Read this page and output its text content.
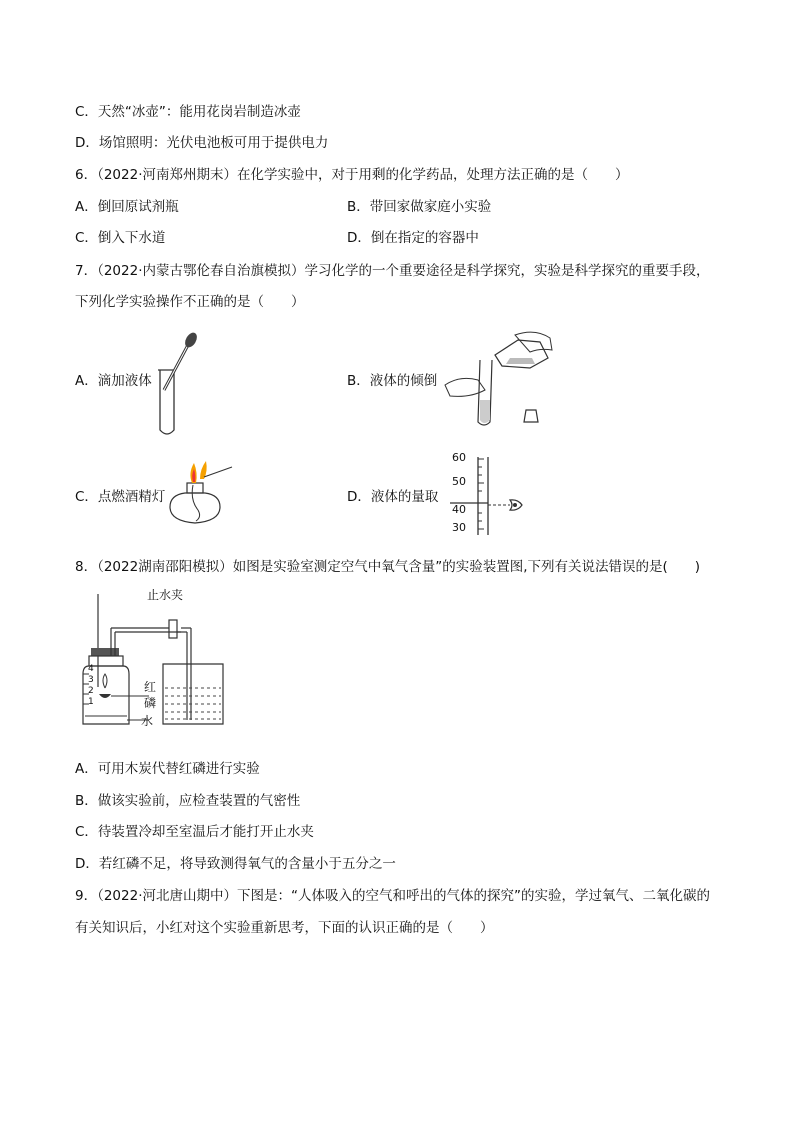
C．天然“冰壶”：能用花岗岩制造冰壶
D．场馆照明：光伏电池板可用于提供电力
6．（2022·河南郑州期末）在化学实验中，对于用剩的化学药品，处理方法正确的是（　　）
A．倒回原试剂瓶	B．带回家做家庭小实验
C．倒入下水道	D．倒在指定的容器中
7．（2022·内蒙古鄂伦春自治旗模拟）学习化学的一个重要途径是科学探究，实验是科学探究的重要手段，
下列化学实验操作不正确的是（　　）
A．滴加液体	B．液体的倾倒
C．点燃酒精灯	D．液体的量取
60
50
40
30
8．（2022湖南邵阳模拟）如图是实验室测定空气中氧气含量”的实验装置图,下列有关说法错误的是(　　)
止水夹
红
磷
水
4
3
2
1
A．可用木炭代替红磷进行实验
B．做该实验前，应检查装置的气密性
C．待装置冷却至室温后才能打开止水夹
D．若红磷不足，将导致测得氧气的含量小于五分之一
9．（2022·河北唐山期中）下图是：“人体吸入的空气和呼出的气体的探究”的实验，学过氧气、二氧化碳的
有关知识后，小红对这个实验重新思考，下面的认识正确的是（　　）
